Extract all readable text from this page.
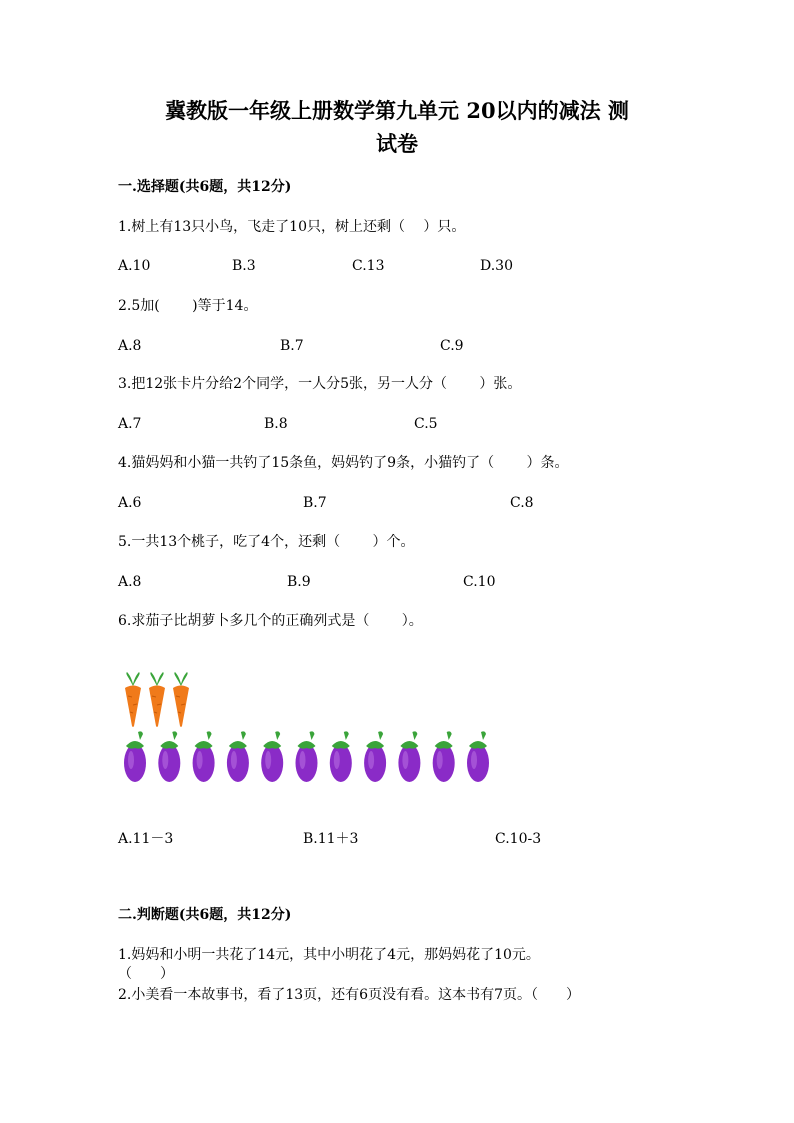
冀教版一年级上册数学第九单元 20以内的减法 测
试卷
一.选择题(共6题，共12分)
1.树上有13只小鸟，飞走了10只，树上还剩（　 ）只。
A.10	B.3	C.13	D.30
2.5加(　　 )等于14。
A.8	B.7	C.9
3.把12张卡片分给2个同学，一人分5张，另一人分（　　 ）张。
A.7	B.8	C.5
4.猫妈妈和小猫一共钓了15条鱼，妈妈钓了9条，小猫钓了（　　 ）条。
A.6	B.7	C.8
5.一共13个桃子，吃了4个，还剩（　　 ）个。
A.8	B.9	C.10
6.求茄子比胡萝卜多几个的正确列式是（　　 ）。
A.11－3	B.11＋3	C.10-3
二.判断题(共6题，共12分)
1.妈妈和小明一共花了14元，其中小明花了4元，那妈妈花了10元。
（　　）
2.小美看一本故事书，看了13页，还有6页没有看。这本书有7页。（　　）
